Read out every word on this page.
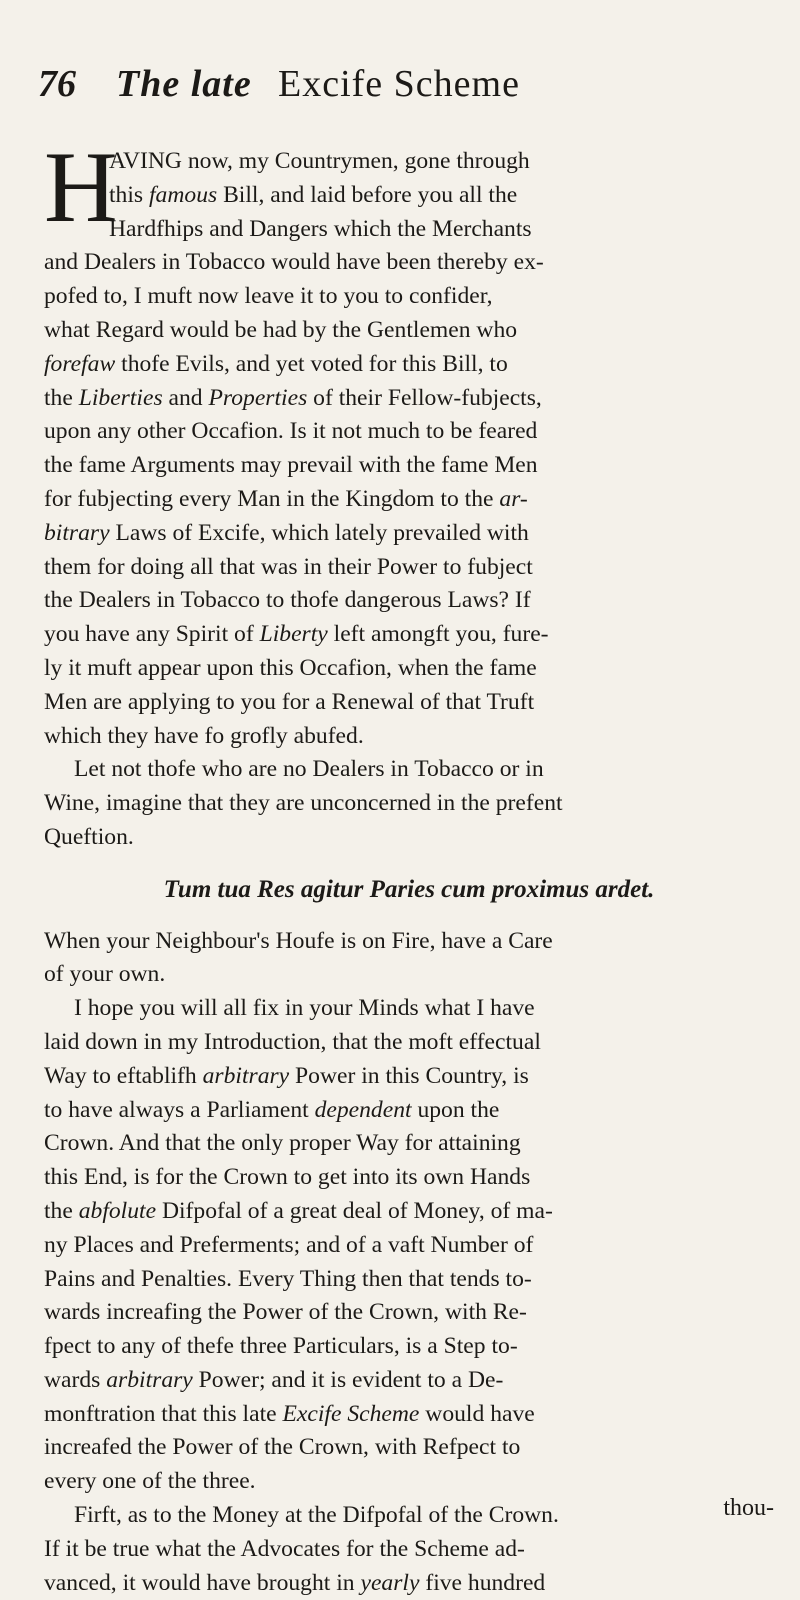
76 The late Excife Scheme
H
AVING now, my Countrymen, gone through
this famous Bill, and laid before you all the
Hardfhips and Dangers which the Merchants
and Dealers in Tobacco would have been thereby ex-
pofed to, I muft now leave it to you to confider,
what Regard would be had by the Gentlemen who
forefaw thofe Evils, and yet voted for this Bill, to
the Liberties and Properties of their Fellow-fubjects,
upon any other Occafion. Is it not much to be feared
the fame Arguments may prevail with the fame Men
for fubjecting every Man in the Kingdom to the ar-
bitrary Laws of Excife, which lately prevailed with
them for doing all that was in their Power to fubject
the Dealers in Tobacco to thofe dangerous Laws? If
you have any Spirit of Liberty left amongft you, fure-
ly it muft appear upon this Occafion, when the fame
Men are applying to you for a Renewal of that Truft
which they have fo grofly abufed.
Let not thofe who are no Dealers in Tobacco or in
Wine, imagine that they are unconcerned in the prefent
Queftion.
Tum tua Res agitur Paries cum proximus ardet.
When your Neighbour's Houfe is on Fire, have a Care
of your own.
I hope you will all fix in your Minds what I have
laid down in my Introduction, that the moft effectual
Way to eftablifh arbitrary Power in this Country, is
to have always a Parliament dependent upon the
Crown. And that the only proper Way for attaining
this End, is for the Crown to get into its own Hands
the abfolute Difpofal of a great deal of Money, of ma-
ny Places and Preferments; and of a vaft Number of
Pains and Penalties. Every Thing then that tends to-
wards increafing the Power of the Crown, with Re-
fpect to any of thefe three Particulars, is a Step to-
wards arbitrary Power; and it is evident to a De-
monftration that this late Excife Scheme would have
increafed the Power of the Crown, with Refpect to
every one of the three.
Firft, as to the Money at the Difpofal of the Crown.
If it be true what the Advocates for the Scheme ad-
vanced, it would have brought in yearly five hundred
thou-
